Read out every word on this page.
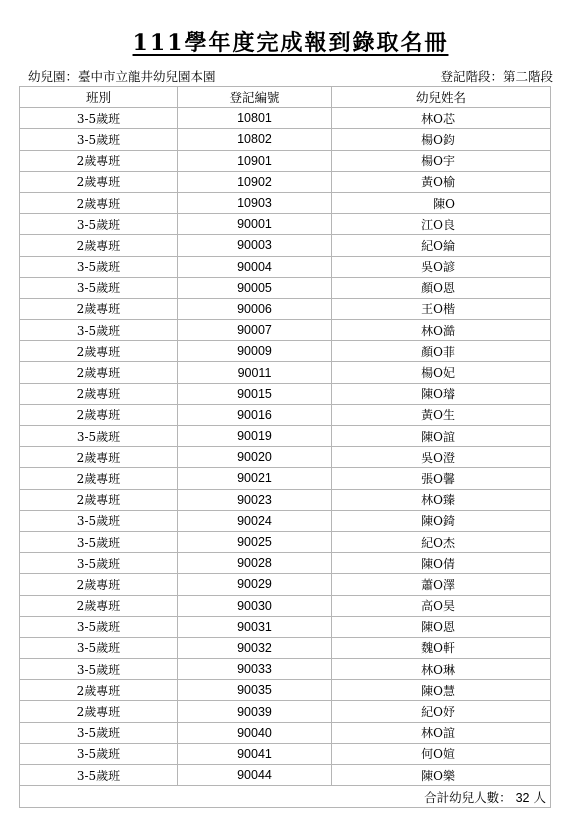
111學年度完成報到錄取名冊
幼兒園：臺中市立龍井幼兒園本園	登記階段：第二階段
班別	登記編號	幼兒姓名
3-5歲班	10801	林O芯
3-5歲班	10802	楊O鈞
2歲專班	10901	楊O宇
2歲專班	10902	黃O榆
2歲專班	10903	陳O
3-5歲班	90001	江O良
2歲專班	90003	紀O綸
3-5歲班	90004	吳O諺
3-5歲班	90005	顏O恩
2歲專班	90006	王O楷
3-5歲班	90007	林O澔
2歲專班	90009	顏O菲
2歲專班	90011	楊O妃
2歲專班	90015	陳O璿
2歲專班	90016	黃O生
3-5歲班	90019	陳O誼
2歲專班	90020	吳O澄
2歲專班	90021	張O馨
2歲專班	90023	林O臻
3-5歲班	90024	陳O錡
3-5歲班	90025	紀O杰
3-5歲班	90028	陳O倩
2歲專班	90029	蕭O澤
2歲專班	90030	高O昊
3-5歲班	90031	陳O恩
3-5歲班	90032	魏O軒
3-5歲班	90033	林O琳
2歲專班	90035	陳O慧
2歲專班	90039	紀O妤
3-5歲班	90040	林O誼
3-5歲班	90041	何O媗
3-5歲班	90044	陳O樂
合計幼兒人數： 32 人		
